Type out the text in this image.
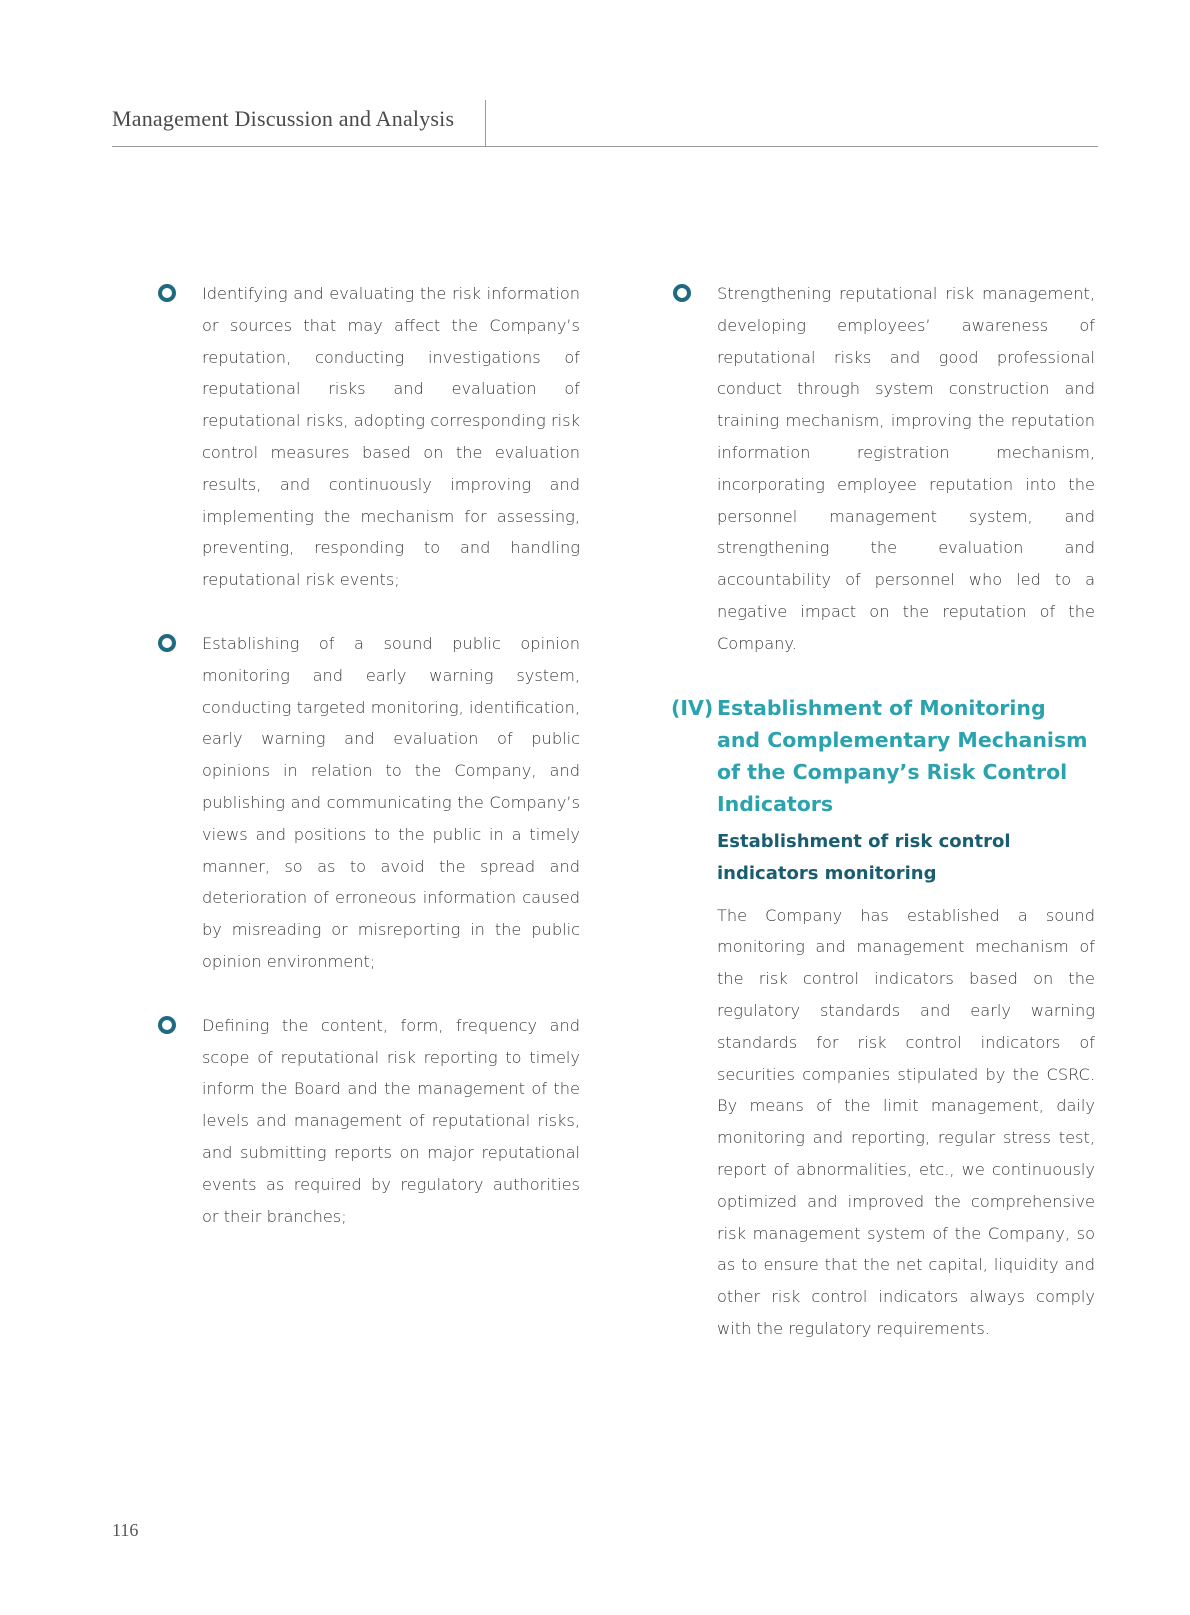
Management Discussion and Analysis

Identifying and evaluating the risk information or sources that may affect the Company’s reputation, conducting investigations of reputational risks and evaluation of reputational risks, adopting corresponding risk control measures based on the evaluation results, and continuously improving and implementing the mechanism for assessing, preventing, responding to and handling reputational risk events;

Establishing of a sound public opinion monitoring and early warning system, conducting targeted monitoring, identification, early warning and evaluation of public opinions in relation to the Company, and publishing and communicating the Company’s views and positions to the public in a timely manner, so as to avoid the spread and deterioration of erroneous information caused by misreading or misreporting in the public opinion environment;

Defining the content, form, frequency and scope of reputational risk reporting to timely inform the Board and the management of the levels and management of reputational risks, and submitting reports on major reputational events as required by regulatory authorities or their branches;

Strengthening reputational risk management, developing employees’ awareness of reputational risks and good professional conduct through system construction and training mechanism, improving the reputation information registration mechanism, incorporating employee reputation into the personnel management system, and strengthening the evaluation and accountability of personnel who led to a negative impact on the reputation of the Company.

(IV) Establishment of Monitoring and Complementary Mechanism of the Company’s Risk Control Indicators
Establishment of risk control indicators monitoring

The Company has established a sound monitoring and management mechanism of the risk control indicators based on the regulatory standards and early warning standards for risk control indicators of securities companies stipulated by the CSRC. By means of the limit management, daily monitoring and reporting, regular stress test, report of abnormalities, etc., we continuously optimized and improved the comprehensive risk management system of the Company, so as to ensure that the net capital, liquidity and other risk control indicators always comply with the regulatory requirements.

116
